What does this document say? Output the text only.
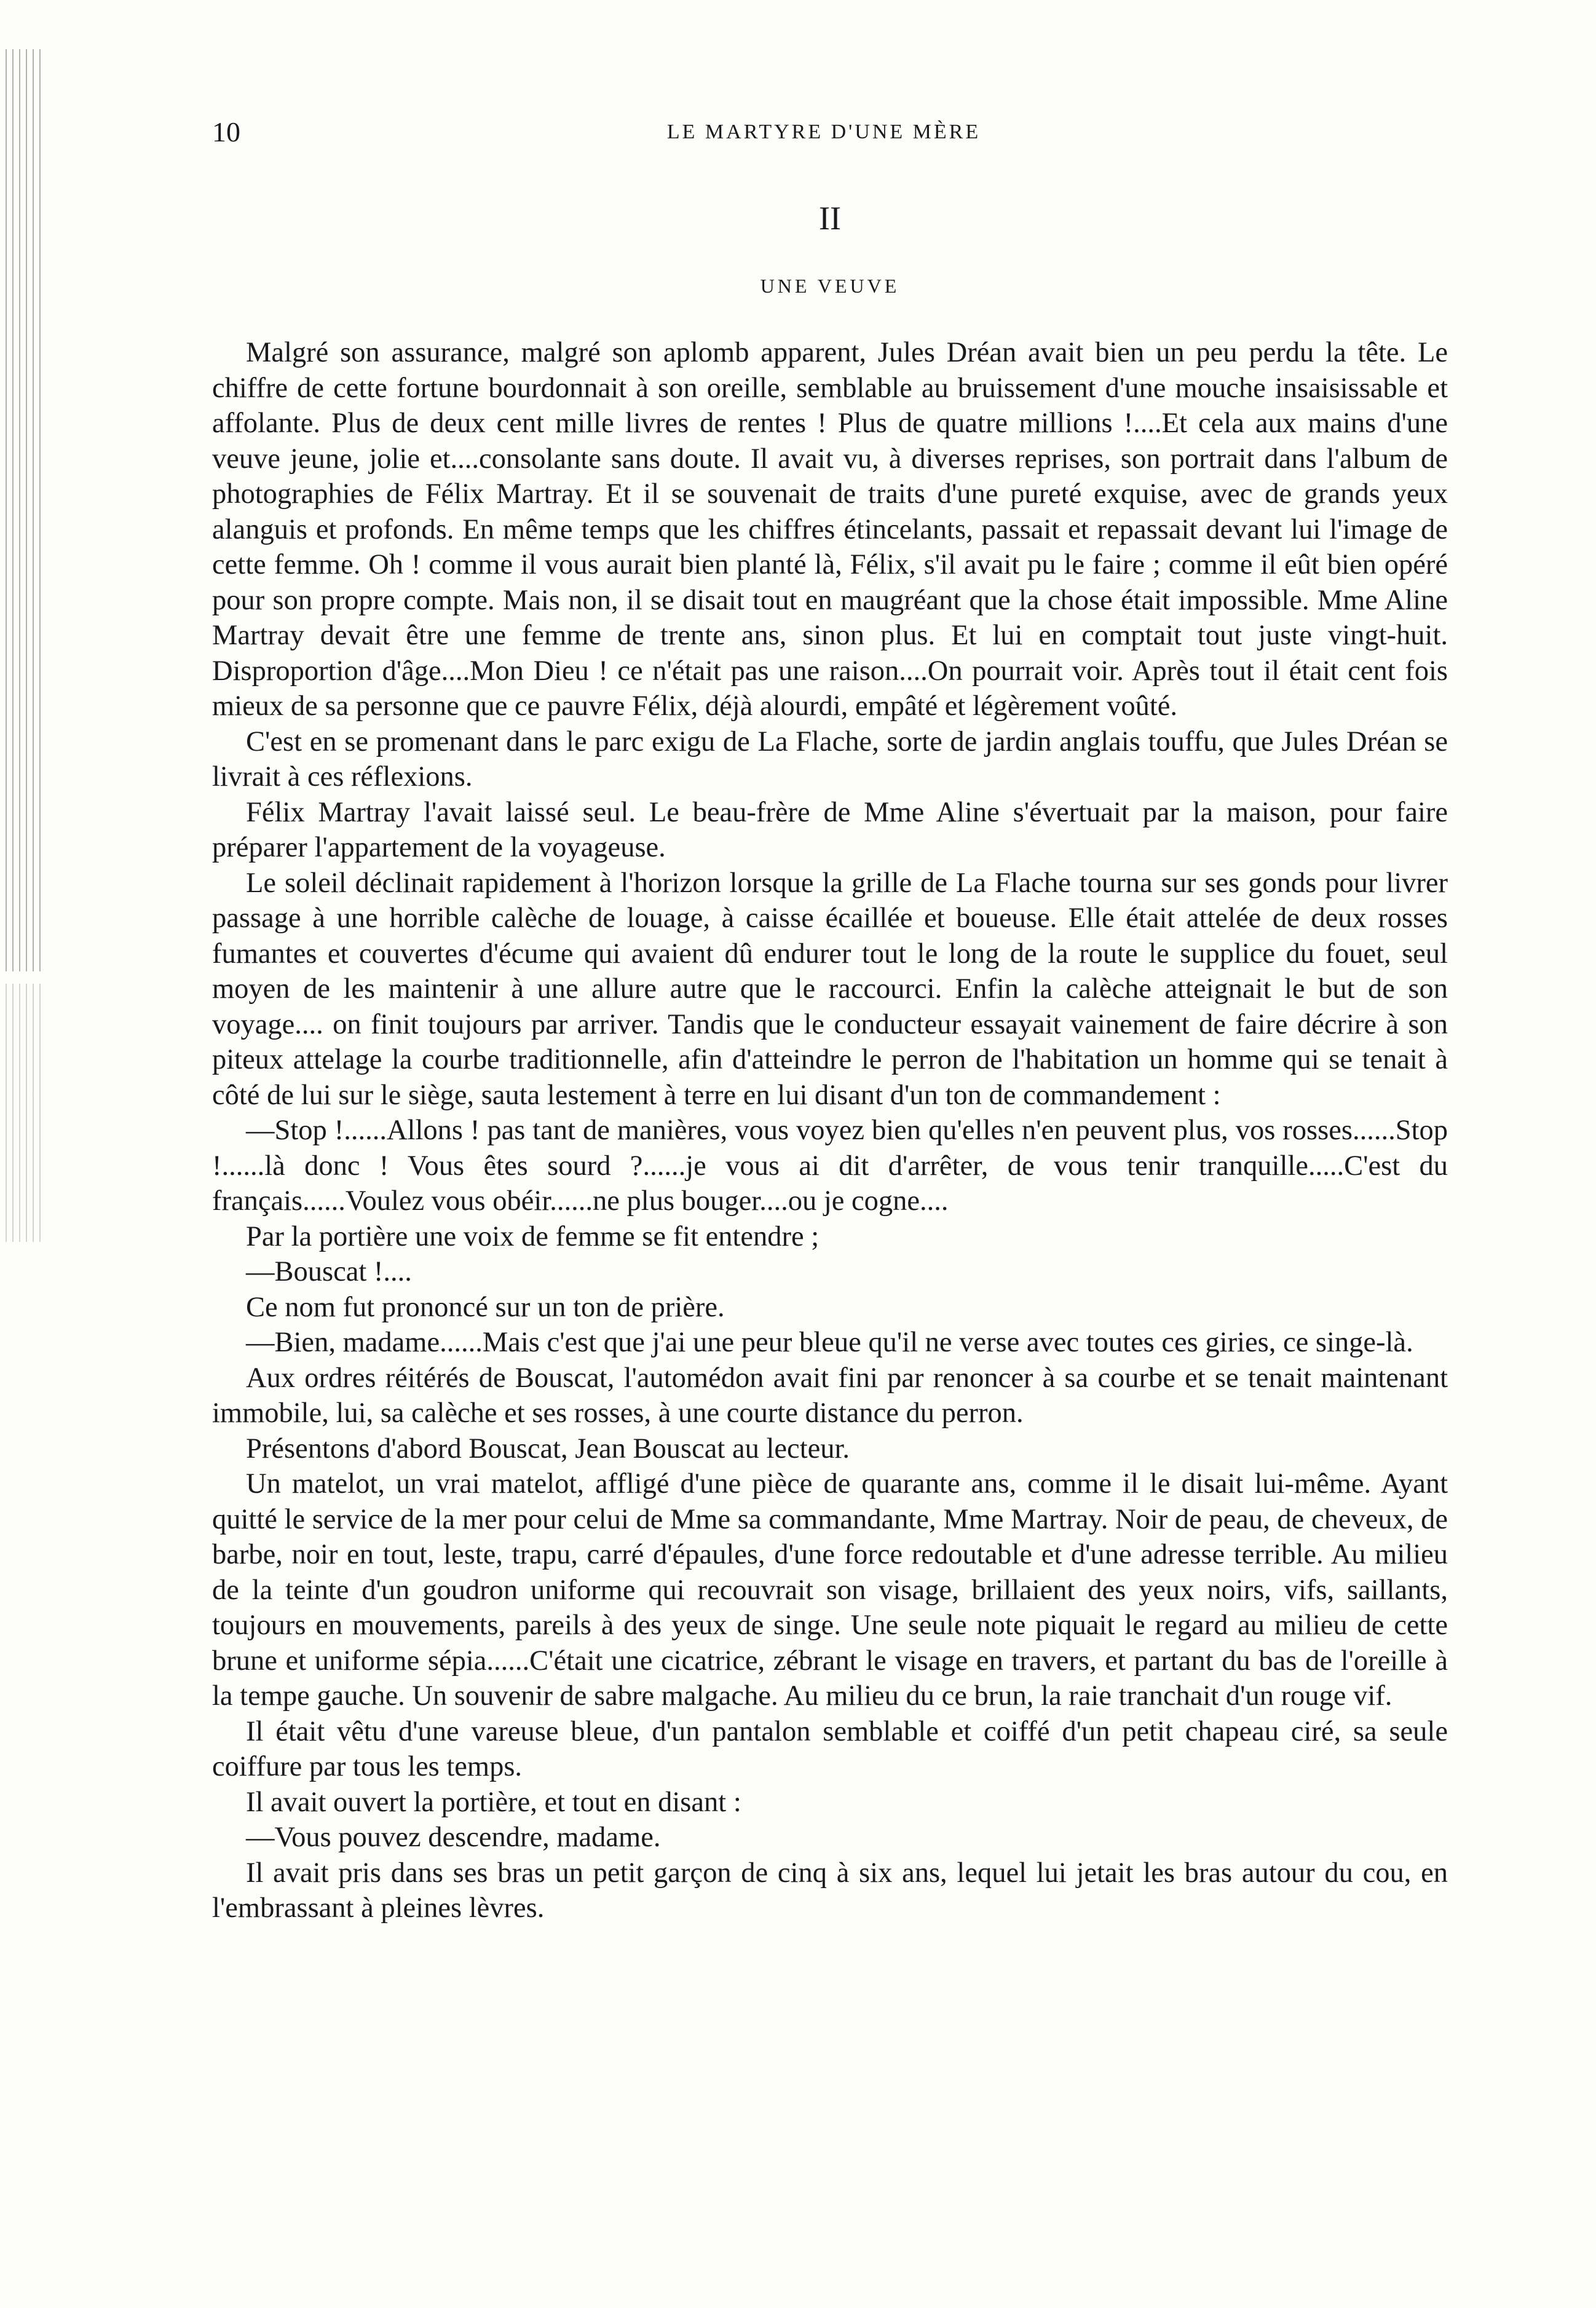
10	LE MARTYRE D'UNE MÈRE
II
UNE VEUVE

Malgré son assurance, malgré son aplomb apparent, Jules Dréan avait bien un peu perdu la tête. Le chiffre de cette fortune bourdonnait à son oreille, semblable au bruissement d'une mouche insaisissable et affolante. Plus de deux cent mille livres de rentes ! Plus de quatre millions !....Et cela aux mains d'une veuve jeune, jolie et....consolante sans doute. Il avait vu, à diverses reprises, son portrait dans l'album de photographies de Félix Martray. Et il se souvenait de traits d'une pureté exquise, avec de grands yeux alanguis et profonds. En même temps que les chiffres étincelants, passait et repassait devant lui l'image de cette femme. Oh ! comme il vous aurait bien planté là, Félix, s'il avait pu le faire ; comme il eût bien opéré pour son propre compte. Mais non, il se disait tout en maugréant que la chose était impossible. Mme Aline Martray devait être une femme de trente ans, sinon plus. Et lui en comptait tout juste vingt-huit. Disproportion d'âge....Mon Dieu ! ce n'était pas une raison....On pourrait voir. Après tout il était cent fois mieux de sa personne que ce pauvre Félix, déjà alourdi, empâté et légèrement voûté.

C'est en se promenant dans le parc exigu de La Flache, sorte de jardin anglais touffu, que Jules Dréan se livrait à ces réflexions.

Félix Martray l'avait laissé seul. Le beau-frère de Mme Aline s'évertuait par la maison, pour faire préparer l'appartement de la voyageuse.

Le soleil déclinait rapidement à l'horizon lorsque la grille de La Flache tourna sur ses gonds pour livrer passage à une horrible calèche de louage, à caisse écaillée et boueuse. Elle était attelée de deux rosses fumantes et couvertes d'écume qui avaient dû endurer tout le long de la route le supplice du fouet, seul moyen de les maintenir à une allure autre que le raccourci. Enfin la calèche atteignait le but de son voyage.... on finit toujours par arriver. Tandis que le conducteur essayait vainement de faire décrire à son piteux attelage la courbe traditionnelle, afin d'atteindre le perron de l'habitation un homme qui se tenait à côté de lui sur le siège, sauta lestement à terre en lui disant d'un ton de commandement :

—Stop !......Allons ! pas tant de manières, vous voyez bien qu'elles n'en peuvent plus, vos rosses......Stop !......là donc ! Vous êtes sourd ?......je vous ai dit d'arrêter, de vous tenir tranquille.....C'est du français......Voulez vous obéir......ne plus bouger....ou je cogne....

Par la portière une voix de femme se fit entendre ;

—Bouscat !....

Ce nom fut prononcé sur un ton de prière.

—Bien, madame......Mais c'est que j'ai une peur bleue qu'il ne verse avec toutes ces giries, ce singe-là.

Aux ordres réitérés de Bouscat, l'automédon avait fini par renoncer à sa courbe et se tenait maintenant immobile, lui, sa calèche et ses rosses, à une courte distance du perron.

Présentons d'abord Bouscat, Jean Bouscat au lecteur.

Un matelot, un vrai matelot, affligé d'une pièce de quarante ans, comme il le disait lui-même. Ayant quitté le service de la mer pour celui de Mme sa commandante, Mme Martray. Noir de peau, de cheveux, de barbe, noir en tout, leste, trapu, carré d'épaules, d'une force redoutable et d'une adresse terrible. Au milieu de la teinte d'un goudron uniforme qui recouvrait son visage, brillaient des yeux noirs, vifs, saillants, toujours en mouvements, pareils à des yeux de singe. Une seule note piquait le regard au milieu de cette brune et uniforme sépia......C'était une cicatrice, zébrant le visage en travers, et partant du bas de l'oreille à la tempe gauche. Un souvenir de sabre malgache. Au milieu du ce brun, la raie tranchait d'un rouge vif.

Il était vêtu d'une vareuse bleue, d'un pantalon semblable et coiffé d'un petit chapeau ciré, sa seule coiffure par tous les temps.

Il avait ouvert la portière, et tout en disant :

—Vous pouvez descendre, madame.

Il avait pris dans ses bras un petit garçon de cinq à six ans, lequel lui jetait les bras autour du cou, en l'embrassant à pleines lèvres.
